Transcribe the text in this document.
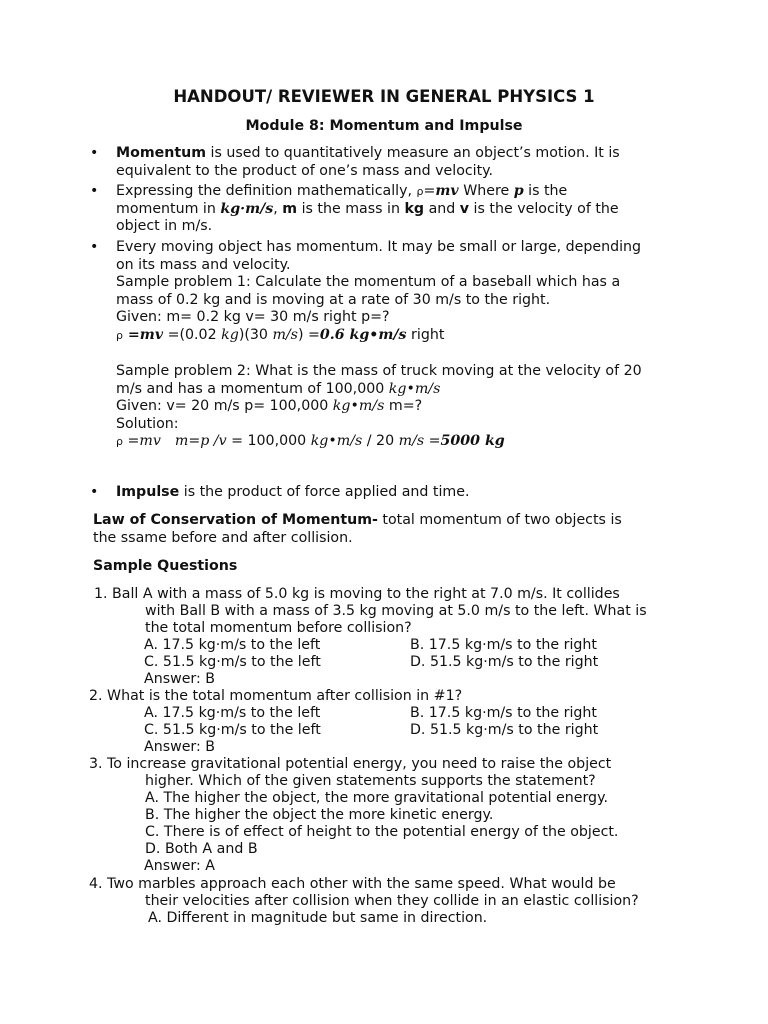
HANDOUT/ REVIEWER IN GENERAL PHYSICS 1
Module 8: Momentum and Impulse
• Momentum is used to quantitatively measure an object’s motion. It is
equivalent to the product of one’s mass and velocity.
• Expressing the definition mathematically, ρ=mv Where p is the
momentum in kg·m/s, m is the mass in kg and v is the velocity of the
object in m/s.
• Every moving object has momentum. It may be small or large, depending
on its mass and velocity.
Sample problem 1: Calculate the momentum of a baseball which has a
mass of 0.2 kg and is moving at a rate of 30 m/s to the right.
Given: m= 0.2 kg v= 30 m/s right p=?
ρ =mv =(0.02 kg)(30 m/s) =0.6 kg•m/s right
Sample problem 2: What is the mass of truck moving at the velocity of 20
m/s and has a momentum of 100,000 kg•m/s
Given: v= 20 m/s p= 100,000 kg•m/s m=?
Solution:
ρ =mv m=p /v = 100,000 kg•m/s / 20 m/s =5000 kg
• Impulse is the product of force applied and time.
Law of Conservation of Momentum- total momentum of two objects is
the ssame before and after collision.
Sample Questions
1. Ball A with a mass of 5.0 kg is moving to the right at 7.0 m/s. It collides
with Ball B with a mass of 3.5 kg moving at 5.0 m/s to the left. What is
the total momentum before collision?
A. 17.5 kg·m/s to the left	B. 17.5 kg·m/s to the right
C. 51.5 kg·m/s to the left	D. 51.5 kg·m/s to the right
Answer: B
2. What is the total momentum after collision in #1?
A. 17.5 kg·m/s to the left	B. 17.5 kg·m/s to the right
C. 51.5 kg·m/s to the left	D. 51.5 kg·m/s to the right
Answer: B
3. To increase gravitational potential energy, you need to raise the object
higher. Which of the given statements supports the statement?
A. The higher the object, the more gravitational potential energy.
B. The higher the object the more kinetic energy.
C. There is of effect of height to the potential energy of the object.
D. Both A and B
Answer: A
4. Two marbles approach each other with the same speed. What would be
their velocities after collision when they collide in an elastic collision?
A. Different in magnitude but same in direction.
